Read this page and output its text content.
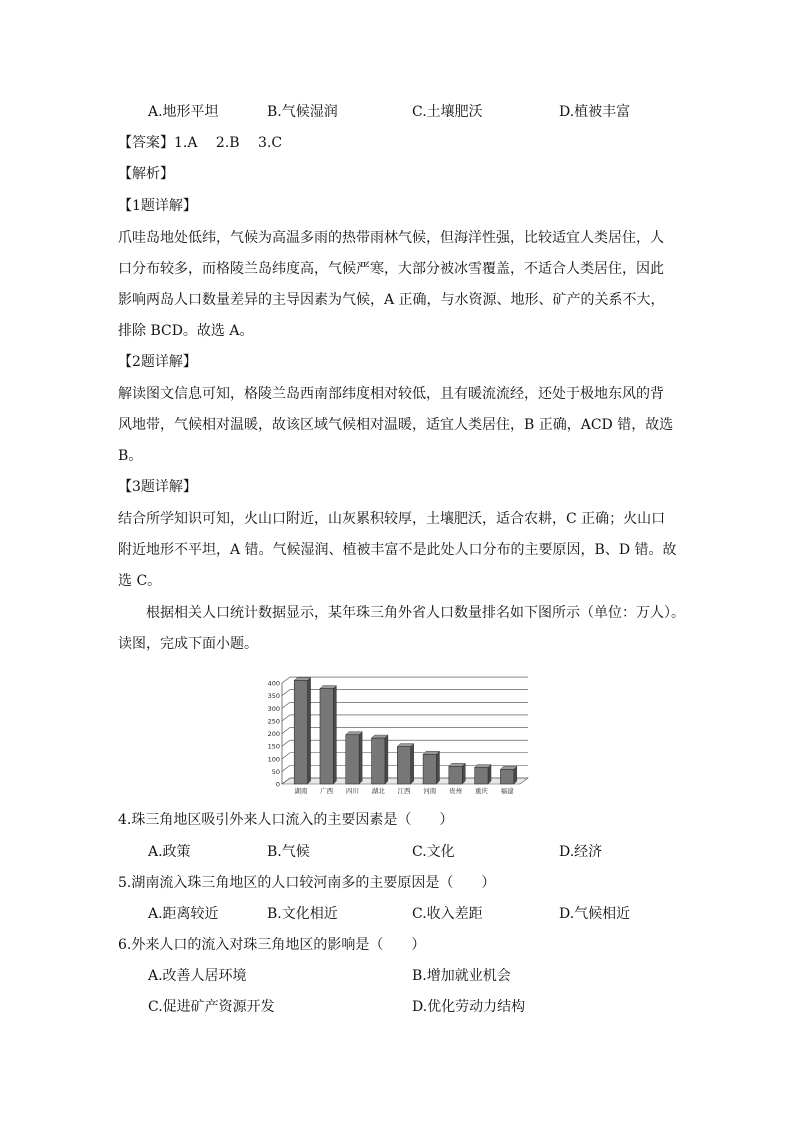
A.地形平坦	B.气候湿润	C.土壤肥沃	D.植被丰富
【答案】1.A　 2.B　 3.C
【解析】
【1题详解】
爪哇岛地处低纬，气候为高温多雨的热带雨林气候，但海洋性强，比较适宜人类居住，人
口分布较多，而格陵兰岛纬度高，气候严寒，大部分被冰雪覆盖，不适合人类居住，因此
影响两岛人口数量差异的主导因素为气候，A 正确，与水资源、地形、矿产的关系不大，
排除 BCD。故选 A。
【2题详解】
解读图文信息可知，格陵兰岛西南部纬度相对较低，且有暖流流经，还处于极地东风的背
风地带，气候相对温暖，故该区域气候相对温暖，适宜人类居住，B 正确，ACD 错，故选
B。
【3题详解】
结合所学知识可知，火山口附近，山灰累积较厚，土壤肥沃，适合农耕，C 正确；火山口
附近地形不平坦，A 错。气候湿润、植被丰富不是此处人口分布的主要原因，B、D 错。故
选 C。
根据相关人口统计数据显示，某年珠三角外省人口数量排名如下图所示（单位：万人）。
读图，完成下面小题。
0
50
100
150
200
250
300
350
400
湖南 广西 四川 湖北 江西 河南 贵州 重庆 福建
4.珠三角地区吸引外来人口流入的主要因素是（　　）
A.政策	B.气候	C.文化	D.经济
5.湖南流入珠三角地区的人口较河南多的主要原因是（　　）
A.距离较近	B.文化相近	C.收入差距	D.气候相近
6.外来人口的流入对珠三角地区的影响是（　　）
A.改善人居环境	B.增加就业机会
C.促进矿产资源开发	D.优化劳动力结构
